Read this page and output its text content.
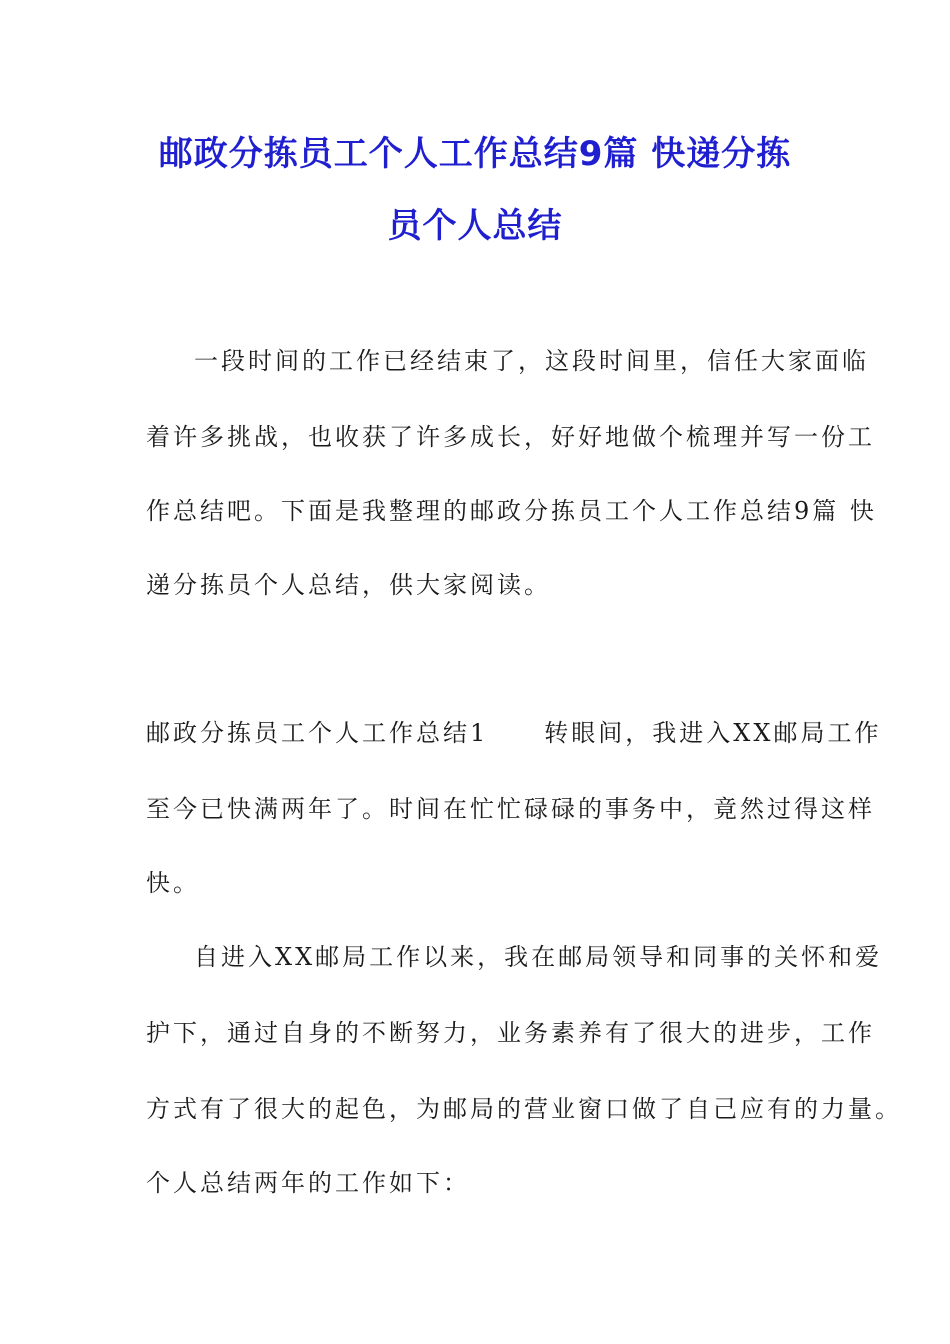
邮政分拣员工个人工作总结9篇 快递分拣
员个人总结
一段时间的工作已经结束了，这段时间里，信任大家面临
着许多挑战，也收获了许多成长，好好地做个梳理并写一份工
作总结吧。下面是我整理的邮政分拣员工个人工作总结9篇 快
递分拣员个人总结，供大家阅读。
邮政分拣员工个人工作总结1 转眼间，我进入XX邮局工作
至今已快满两年了。时间在忙忙碌碌的事务中，竟然过得这样
快。
自进入XX邮局工作以来，我在邮局领导和同事的关怀和爱
护下，通过自身的不断努力，业务素养有了很大的进步，工作
方式有了很大的起色，为邮局的营业窗口做了自己应有的力量。
个人总结两年的工作如下：
